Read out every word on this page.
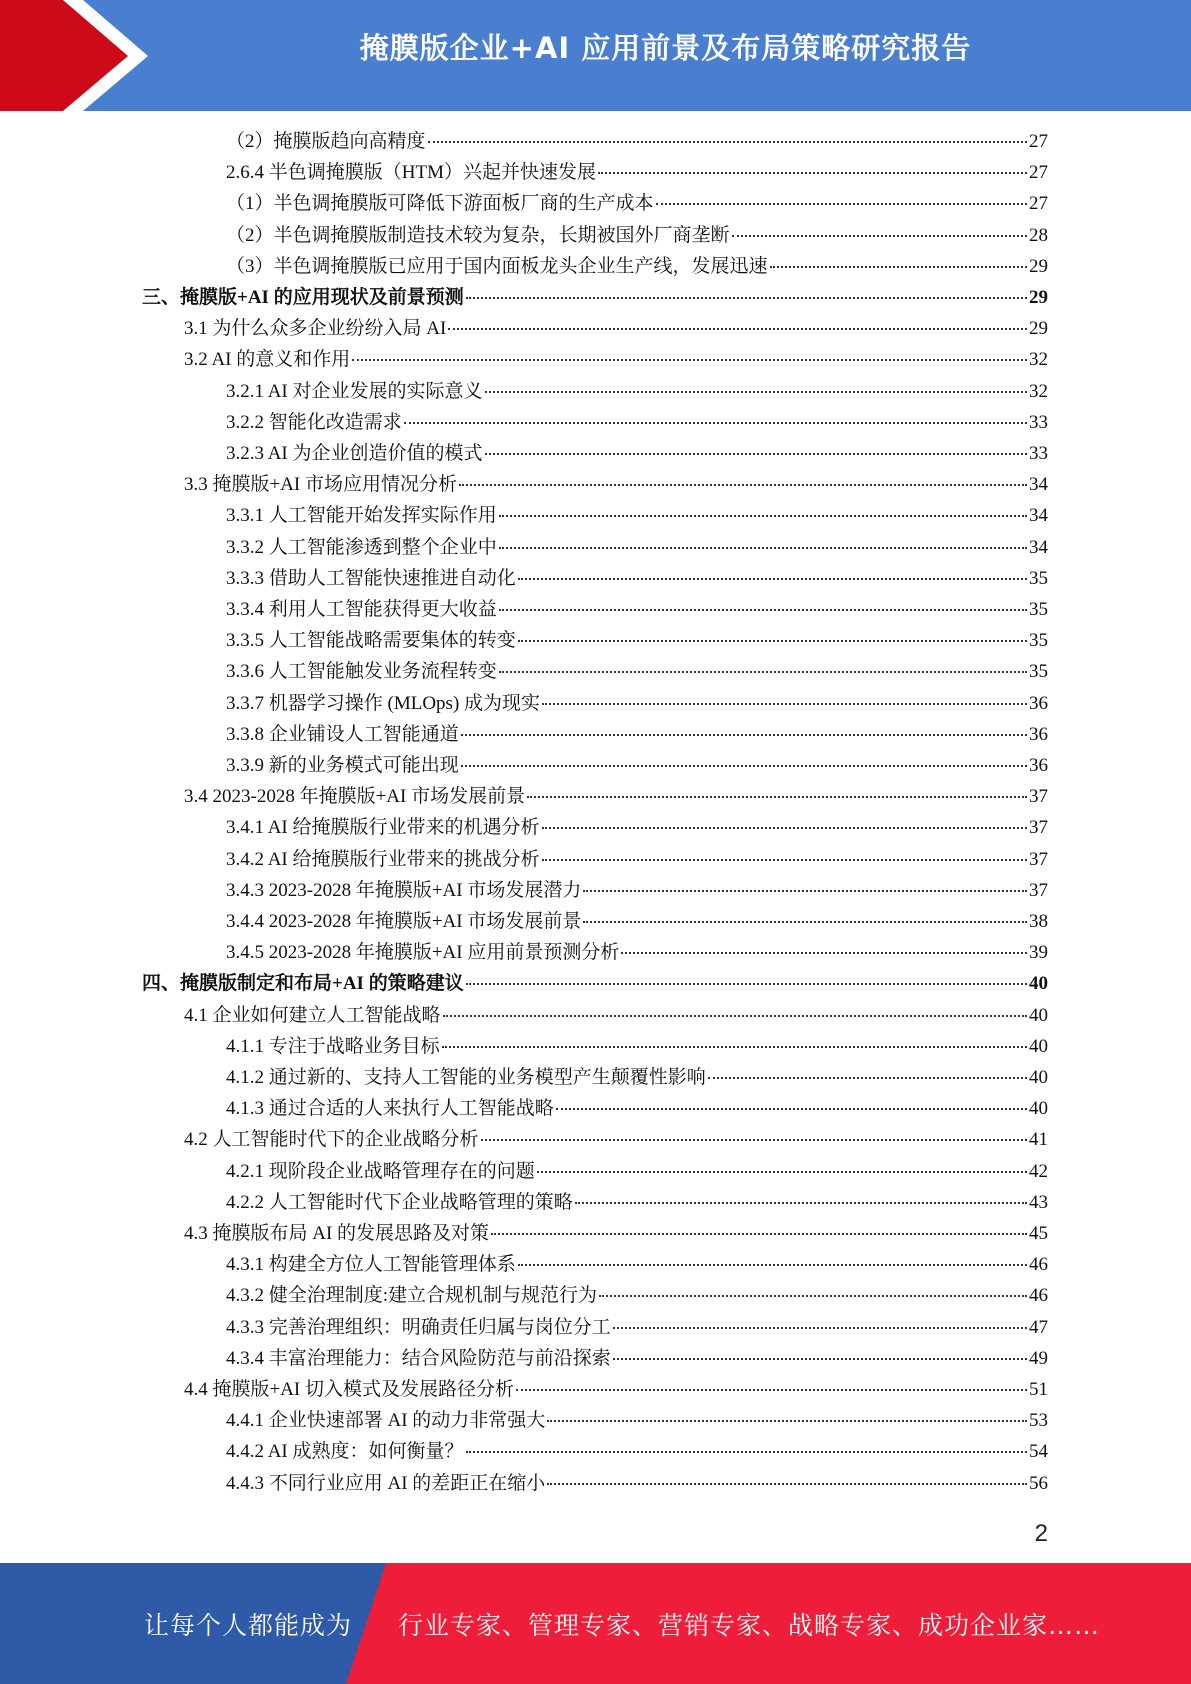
掩膜版企业+AI 应用前景及布局策略研究报告
（2）掩膜版趋向高精度	27
2.6.4 半色调掩膜版（HTM）兴起并快速发展	27
（1）半色调掩膜版可降低下游面板厂商的生产成本	27
（2）半色调掩膜版制造技术较为复杂，长期被国外厂商垄断	28
（3）半色调掩膜版已应用于国内面板龙头企业生产线，发展迅速	29
三、掩膜版+AI 的应用现状及前景预测	29
3.1 为什么众多企业纷纷入局 AI	29
3.2 AI 的意义和作用	32
3.2.1 AI 对企业发展的实际意义	32
3.2.2 智能化改造需求	33
3.2.3 AI 为企业创造价值的模式	33
3.3 掩膜版+AI 市场应用情况分析	34
3.3.1 人工智能开始发挥实际作用	34
3.3.2 人工智能渗透到整个企业中	34
3.3.3 借助人工智能快速推进自动化	35
3.3.4 利用人工智能获得更大收益	35
3.3.5 人工智能战略需要集体的转变	35
3.3.6 人工智能触发业务流程转变	35
3.3.7 机器学习操作 (MLOps) 成为现实	36
3.3.8 企业铺设人工智能通道	36
3.3.9 新的业务模式可能出现	36
3.4 2023-2028 年掩膜版+AI 市场发展前景	37
3.4.1 AI 给掩膜版行业带来的机遇分析	37
3.4.2 AI 给掩膜版行业带来的挑战分析	37
3.4.3 2023-2028 年掩膜版+AI 市场发展潜力	37
3.4.4 2023-2028 年掩膜版+AI 市场发展前景	38
3.4.5 2023-2028 年掩膜版+AI 应用前景预测分析	39
四、掩膜版制定和布局+AI 的策略建议	40
4.1 企业如何建立人工智能战略	40
4.1.1 专注于战略业务目标	40
4.1.2 通过新的、支持人工智能的业务模型产生颠覆性影响	40
4.1.3 通过合适的人来执行人工智能战略	40
4.2 人工智能时代下的企业战略分析	41
4.2.1 现阶段企业战略管理存在的问题	42
4.2.2 人工智能时代下企业战略管理的策略	43
4.3 掩膜版布局 AI 的发展思路及对策	45
4.3.1 构建全方位人工智能管理体系	46
4.3.2 健全治理制度:建立合规机制与规范行为	46
4.3.3 完善治理组织：明确责任归属与岗位分工	47
4.3.4 丰富治理能力：结合风险防范与前沿探索	49
4.4 掩膜版+AI 切入模式及发展路径分析	51
4.4.1 企业快速部署 AI 的动力非常强大	53
4.4.2 AI 成熟度：如何衡量？	54
4.4.3 不同行业应用 AI 的差距正在缩小	56
2
让每个人都能成为 行业专家、管理专家、营销专家、战略专家、成功企业家……
